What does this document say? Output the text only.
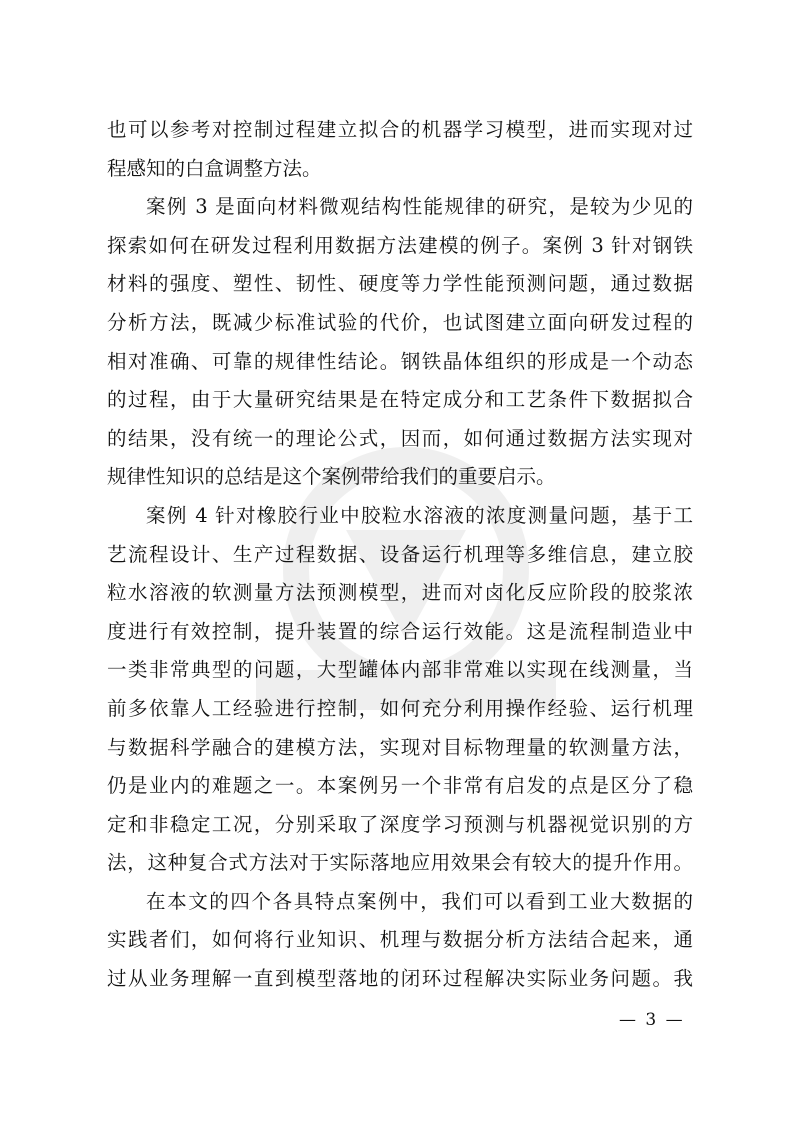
也可以参考对控制过程建立拟合的机器学习模型，进而实现对过
程感知的白盒调整方法。
案例 3 是面向材料微观结构性能规律的研究，是较为少见的
探索如何在研发过程利用数据方法建模的例子。案例 3 针对钢铁
材料的强度、塑性、韧性、硬度等力学性能预测问题，通过数据
分析方法，既减少标准试验的代价，也试图建立面向研发过程的
相对准确、可靠的规律性结论。钢铁晶体组织的形成是一个动态
的过程，由于大量研究结果是在特定成分和工艺条件下数据拟合
的结果，没有统一的理论公式，因而，如何通过数据方法实现对
规律性知识的总结是这个案例带给我们的重要启示。
案例 4 针对橡胶行业中胶粒水溶液的浓度测量问题，基于工
艺流程设计、生产过程数据、设备运行机理等多维信息，建立胶
粒水溶液的软测量方法预测模型，进而对卤化反应阶段的胶浆浓
度进行有效控制，提升装置的综合运行效能。这是流程制造业中
一类非常典型的问题，大型罐体内部非常难以实现在线测量，当
前多依靠人工经验进行控制，如何充分利用操作经验、运行机理
与数据科学融合的建模方法，实现对目标物理量的软测量方法，
仍是业内的难题之一。本案例另一个非常有启发的点是区分了稳
定和非稳定工况，分别采取了深度学习预测与机器视觉识别的方
法，这种复合式方法对于实际落地应用效果会有较大的提升作用。
在本文的四个各具特点案例中，我们可以看到工业大数据的
实践者们，如何将行业知识、机理与数据分析方法结合起来，通
过从业务理解一直到模型落地的闭环过程解决实际业务问题。我
— 3 —
